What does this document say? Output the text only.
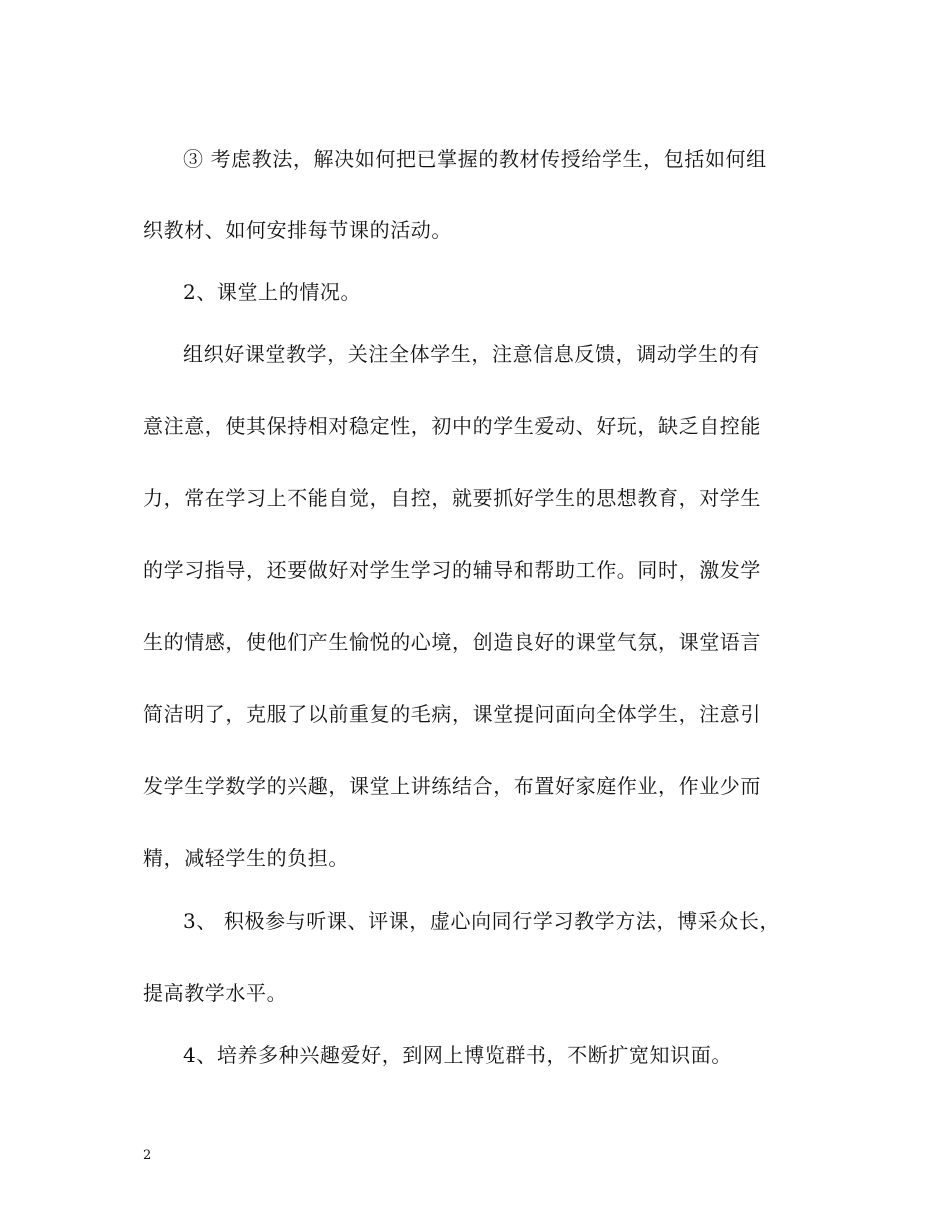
③ 考虑教法，解决如何把已掌握的教材传授给学生，包括如何组
织教材、如何安排每节课的活动。
2、课堂上的情况。
组织好课堂教学，关注全体学生，注意信息反馈，调动学生的有
意注意，使其保持相对稳定性，初中的学生爱动、好玩，缺乏自控能
力，常在学习上不能自觉，自控，就要抓好学生的思想教育，对学生
的学习指导，还要做好对学生学习的辅导和帮助工作。同时，激发学
生的情感，使他们产生愉悦的心境，创造良好的课堂气氛，课堂语言
简洁明了，克服了以前重复的毛病，课堂提问面向全体学生，注意引
发学生学数学的兴趣，课堂上讲练结合，布置好家庭作业，作业少而
精，减轻学生的负担。
3、 积极参与听课、评课，虚心向同行学习教学方法，博采众长，
提高教学水平。
4、培养多种兴趣爱好，到网上博览群书，不断扩宽知识面。
2
